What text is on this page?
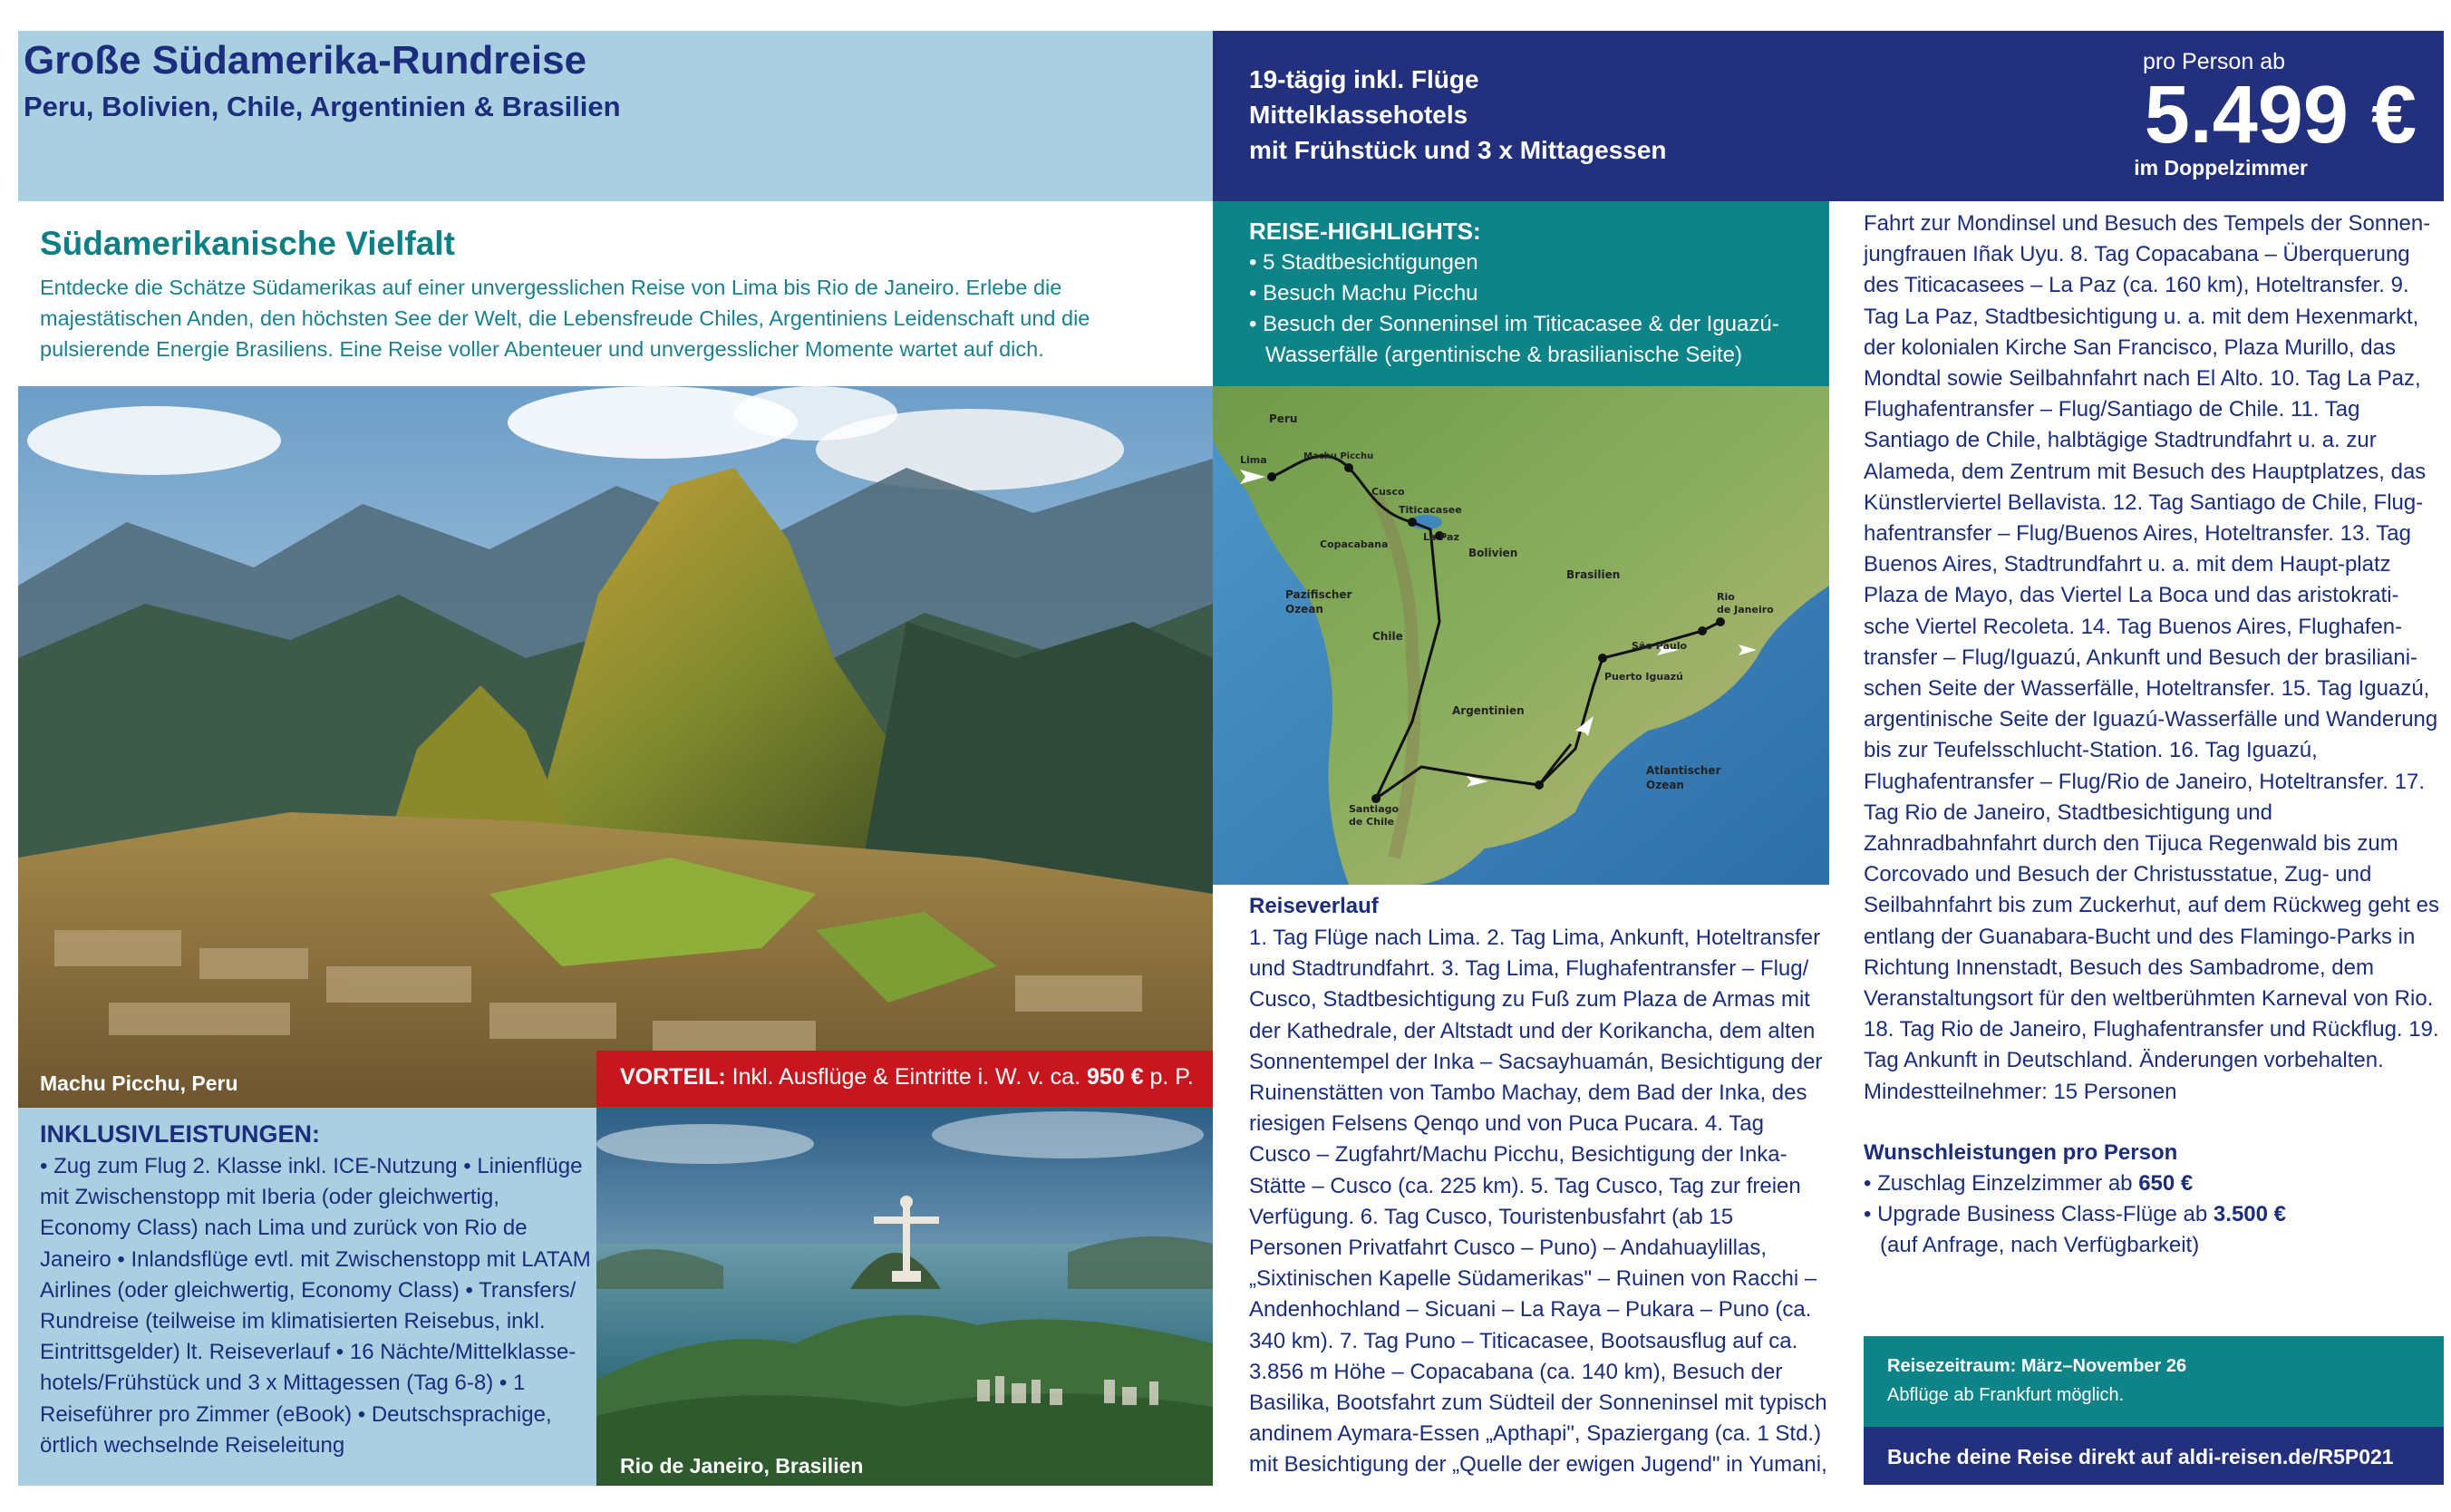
Große Südamerika-Rundreise
Peru, Bolivien, Chile, Argentinien & Brasilien
19-tägig inkl. Flüge
Mittelklassehotels
mit Frühstück und 3 x Mittagessen
pro Person ab
5.499 €
im Doppelzimmer
Südamerikanische Vielfalt
Entdecke die Schätze Südamerikas auf einer unvergesslichen Reise von Lima bis Rio de Janeiro. Erlebe die majestätischen Anden, den höchsten See der Welt, die Lebensfreude Chiles, Argentiniens Leidenschaft und die pulsierende Energie Brasiliens. Eine Reise voller Abenteuer und unvergesslicher Momente wartet auf dich.
Machu Picchu, Peru	VORTEIL: Inkl. Ausflüge & Eintritte i. W. v. ca. 950 € p. P.
Rio de Janeiro, Brasilien
INKLUSIVLEISTUNGEN:
• Zug zum Flug 2. Klasse inkl. ICE-Nutzung • Linienflüge mit Zwischenstopp mit Iberia (oder gleichwertig, Economy Class) nach Lima und zurück von Rio de Janeiro • Inlandsflüge evtl. mit Zwischenstopp mit LATAM Airlines (oder gleichwertig, Economy Class) • Transfers/ Rundreise (teilweise im klimatisierten Reisebus, inkl. Eintrittsgelder) lt. Reiseverlauf • 16 Nächte/Mittelklasse-hotels/Frühstück und 3 x Mittagessen (Tag 6-8) • 1 Reiseführer pro Zimmer (eBook) • Deutschsprachige, örtlich wechselnde Reiseleitung
REISE-HIGHLIGHTS:
• 5 Stadtbesichtigungen
• Besuch Machu Picchu
• Besuch der Sonneninsel im Titicacasee & der Iguazú-
Wasserfälle (argentinische & brasilianische Seite)
Peru
Lima	Machu Picchu
Cusco
Titicacasee
La Paz
Copacabana
Bolivien
Brasilien
Pazifischer
Ozean
Rio
de Janeiro
São Paulo
Chile
Puerto Iguazú
Argentinien
Atlantischer
Ozean
Santiago
de Chile
Reiseverlauf
1. Tag Flüge nach Lima. 2. Tag Lima, Ankunft, Hoteltransfer und Stadtrundfahrt. 3. Tag Lima, Flughafentransfer – Flug/ Cusco, Stadtbesichtigung zu Fuß zum Plaza de Armas mit der Kathedrale, der Altstadt und der Korikancha, dem alten Sonnentempel der Inka – Sacsayhuamán, Besichtigung der Ruinenstätten von Tambo Machay, dem Bad der Inka, des riesigen Felsens Qenqo und von Puca Pucara. 4. Tag Cusco – Zugfahrt/Machu Picchu, Besichtigung der Inka-Stätte – Cusco (ca. 225 km). 5. Tag Cusco, Tag zur freien Verfügung. 6. Tag Cusco, Touristenbusfahrt (ab 15 Personen Privatfahrt Cusco – Puno) – Andahuaylillas, „Sixtinischen Kapelle Südamerikas" – Ruinen von Racchi – Andenhochland – Sicuani – La Raya – Pukara – Puno (ca. 340 km). 7. Tag Puno – Titicacasee, Bootsausflug auf ca. 3.856 m Höhe – Copacabana (ca. 140 km), Besuch der Basilika, Bootsfahrt zum Südteil der Sonneninsel mit typisch andinem Aymara-Essen „Apthapi", Spaziergang (ca. 1 Std.) mit Besichtigung der „Quelle der ewigen Jugend" in Yumani,
Fahrt zur Mondinsel und Besuch des Tempels der Sonnen-jungfrauen Iñak Uyu. 8. Tag Copacabana – Überquerung des Titicacasees – La Paz (ca. 160 km), Hoteltransfer. 9. Tag La Paz, Stadtbesichtigung u. a. mit dem Hexenmarkt, der kolonialen Kirche San Francisco, Plaza Murillo, das Mondtal sowie Seilbahnfahrt nach El Alto. 10. Tag La Paz, Flughafentransfer – Flug/Santiago de Chile. 11. Tag Santiago de Chile, halbtägige Stadtrundfahrt u. a. zur Alameda, dem Zentrum mit Besuch des Hauptplatzes, das Künstlerviertel Bellavista. 12. Tag Santiago de Chile, Flug-hafentransfer – Flug/Buenos Aires, Hoteltransfer. 13. Tag Buenos Aires, Stadtrundfahrt u. a. mit dem Haupt-platz Plaza de Mayo, das Viertel La Boca und das aristokrati-sche Viertel Recoleta. 14. Tag Buenos Aires, Flughafen-transfer – Flug/Iguazú, Ankunft und Besuch der brasiliani-schen Seite der Wasserfälle, Hoteltransfer. 15. Tag Iguazú, argentinische Seite der Iguazú-Wasserfälle und Wanderung bis zur Teufelsschlucht-Station. 16. Tag Iguazú, Flughafentransfer – Flug/Rio de Janeiro, Hoteltransfer. 17. Tag Rio de Janeiro, Stadtbesichtigung und Zahnradbahnfahrt durch den Tijuca Regenwald bis zum Corcovado und Besuch der Christusstatue, Zug- und Seilbahnfahrt bis zum Zuckerhut, auf dem Rückweg geht es entlang der Guanabara-Bucht und des Flamingo-Parks in Richtung Innenstadt, Besuch des Sambadrome, dem Veranstaltungsort für den weltberühmten Karneval von Rio. 18. Tag Rio de Janeiro, Flughafentransfer und Rückflug. 19. Tag Ankunft in Deutschland. Änderungen vorbehalten. Mindestteilnehmer: 15 Personen
Wunschleistungen pro Person
• Zuschlag Einzelzimmer ab 650 €
• Upgrade Business Class-Flüge ab 3.500 €
(auf Anfrage, nach Verfügbarkeit)
Reisezeitraum: März–November 26
Abflüge ab Frankfurt möglich.
Buche deine Reise direkt auf aldi-reisen.de/R5P021
